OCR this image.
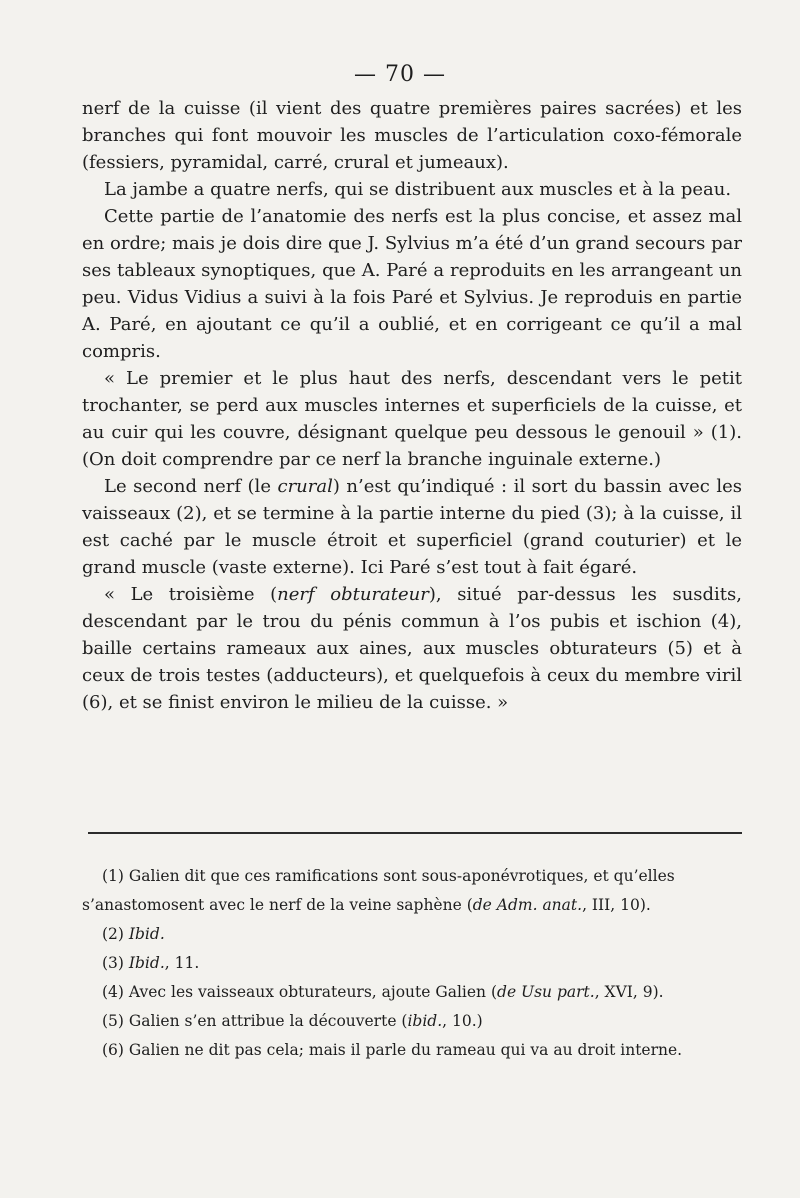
— 70 —

nerf de la cuisse (il vient des quatre premières paires sacrées) et les branches qui font mouvoir les muscles de l’articulation coxo-fémorale (fessiers, pyramidal, carré, crural et jumeaux).

La jambe a quatre nerfs, qui se distribuent aux muscles et à la peau.

Cette partie de l’anatomie des nerfs est la plus concise, et assez mal en ordre; mais je dois dire que J. Sylvius m’a été d’un grand secours par ses tableaux synoptiques, que A. Paré a reproduits en les arrangeant un peu. Vidus Vidius a suivi à la fois Paré et Sylvius. Je reproduis en partie A. Paré, en ajoutant ce qu’il a oublié, et en corrigeant ce qu’il a mal compris.

« Le premier et le plus haut des nerfs, descendant vers le petit trochanter, se perd aux muscles internes et superficiels de la cuisse, et au cuir qui les couvre, désignant quelque peu dessous le genouil » (1). (On doit comprendre par ce nerf la branche inguinale externe.)

Le second nerf (le crural) n’est qu’indiqué : il sort du bassin avec les vaisseaux (2), et se termine à la partie interne du pied (3); à la cuisse, il est caché par le muscle étroit et superficiel (grand couturier) et le grand muscle (vaste externe). Ici Paré s’est tout à fait égaré.

« Le troisième (nerf obturateur), situé par-dessus les susdits, descendant par le trou du pénis commun à l’os pubis et ischion (4), baille certains rameaux aux aines, aux muscles obturateurs (5) et à ceux de trois testes (adducteurs), et quelquefois à ceux du membre viril (6), et se finist environ le milieu de la cuisse. »

(1) Galien dit que ces ramifications sont sous-aponévrotiques, et qu’elles

s’anastomosent avec le nerf de la veine saphène (de Adm. anat., III, 10).

(2) Ibid.

(3) Ibid., 11.

(4) Avec les vaisseaux obturateurs, ajoute Galien (de Usu part., XVI, 9).

(5) Galien s’en attribue la découverte (ibid., 10.)

(6) Galien ne dit pas cela; mais il parle du rameau qui va au droit interne.
